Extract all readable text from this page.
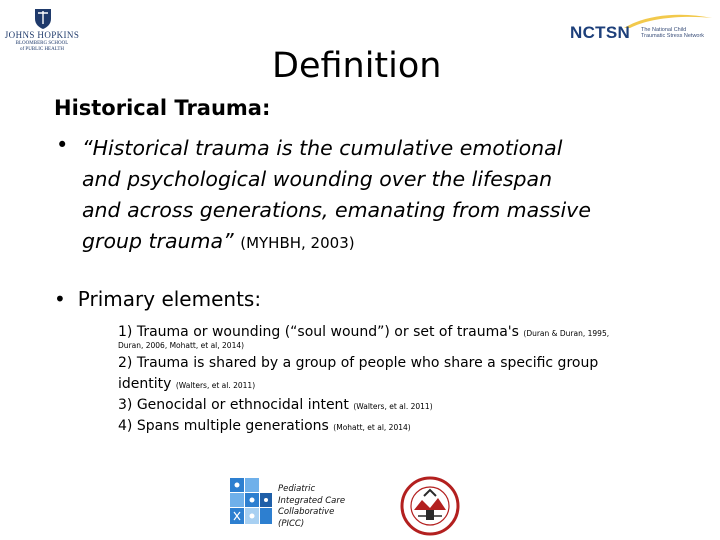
JOHNS HOPKINS
BLOOMBERG SCHOOL
of PUBLIC HEALTH
NCTSN The National Child
Traumatic Stress Network
Definition
Historical Trauma:
• “Historical trauma is the cumulative emotional
and psychological wounding over the lifespan
and across generations, emanating from massive
group trauma” (MYHBH, 2003)
• Primary elements:
1) Trauma or wounding (“soul wound”) or set of trauma's (Duran & Duran, 1995,
Duran, 2006, Mohatt, et al, 2014)
2) Trauma is shared by a group of people who share a specific group
identity (Walters, et al. 2011)
3) Genocidal or ethnocidal intent (Walters, et al. 2011)
4) Spans multiple generations (Mohatt, et al, 2014)
Pediatric
Integrated Care
Collaborative
(PICC)
